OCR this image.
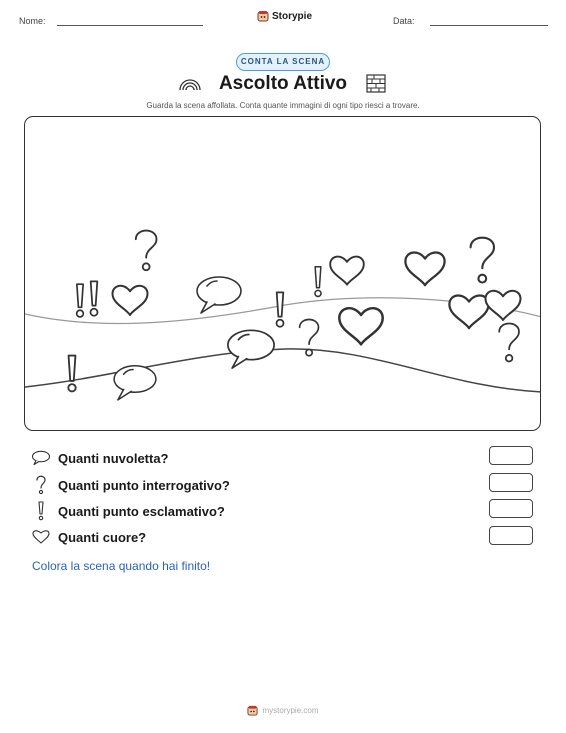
Nome:	Storypie	Data:
CONTA LA SCENA
Ascolto Attivo
Guarda la scena affollata. Conta quante immagini di ogni tipo riesci a trovare.
Quanti nuvoletta?
Quanti punto interrogativo?
Quanti punto esclamativo?
Quanti cuore?
Colora la scena quando hai finito!
mystorypie.com
